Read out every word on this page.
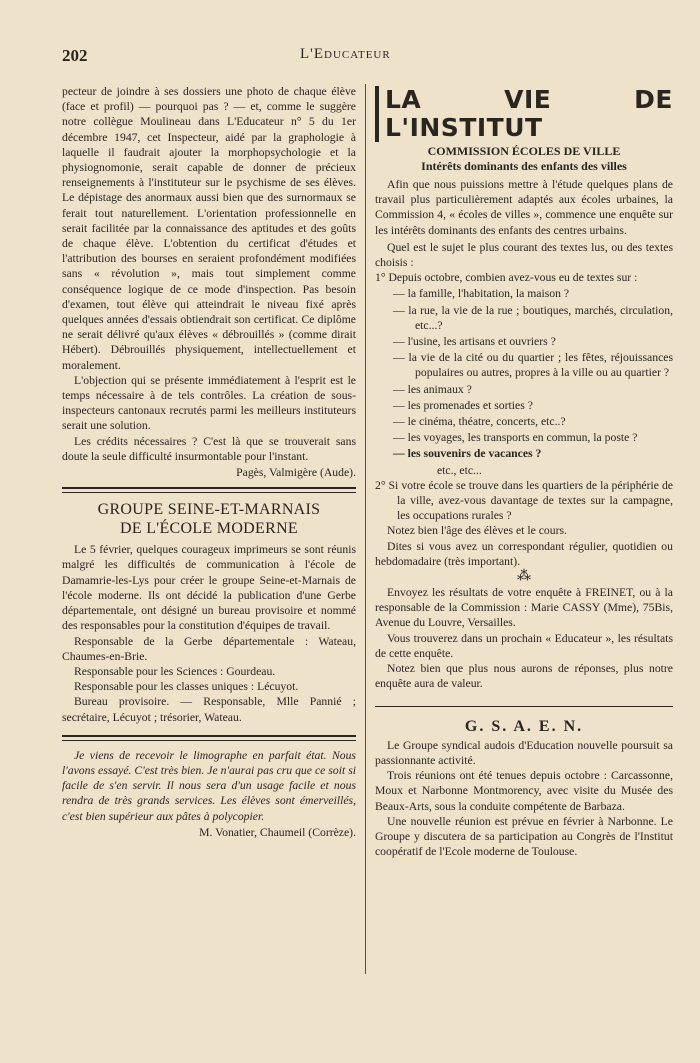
202	L'Educateur

pecteur de joindre à ses dossiers une photo de chaque élève (face et profil) — pourquoi pas ? — et, comme le suggère notre collègue Moulineau dans L'Educateur n° 5 du 1er décembre 1947, cet Inspecteur, aidé par la graphologie à laquelle il faudrait ajouter la morphopsychologie et la physiognomonie, serait capable de donner de précieux renseignements à l'instituteur sur le psychisme de ses élèves. Le dépistage des anormaux aussi bien que des surnormaux se ferait tout naturellement. L'orientation professionnelle en serait facilitée par la connaissance des aptitudes et des goûts de chaque élève. L'obtention du certificat d'études et l'attribution des bourses en seraient profondément modifiées sans « révolution », mais tout simplement comme conséquence logique de ce mode d'inspection. Pas besoin d'examen, tout élève qui atteindrait le niveau fixé après quelques années d'essais obtiendrait son certificat. Ce diplôme ne serait délivré qu'aux élèves « débrouillés » (comme dirait Hébert). Débrouillés physiquement, intellectuellement et moralement.

L'objection qui se présente immédiatement à l'esprit est le temps nécessaire à de tels contrôles. La création de sous-inspecteurs cantonaux recrutés parmi les meilleurs instituteurs serait une solution.

Les crédits nécessaires ? C'est là que se trouverait sans doute la seule difficulté insurmontable pour l'instant.

Pagès, Valmigère (Aude).
GROUPE SEINE-ET-MARNAIS
DE L'ÉCOLE MODERNE

Le 5 février, quelques courageux imprimeurs se sont réunis malgré les difficultés de communication à l'école de Damamrie-les-Lys pour créer le groupe Seine-et-Marnais de l'école moderne. Ils ont décidé la publication d'une Gerbe départementale, ont désigné un bureau provisoire et nommé des responsables pour la constitution d'équipes de travail.

Responsable de la Gerbe départementale : Wateau, Chaumes-en-Brie.

Responsable pour les Sciences : Gourdeau.

Responsable pour les classes uniques : Lécuyot.

Bureau provisoire. — Responsable, Mlle Pannié ; secrétaire, Lécuyot ; trésorier, Wateau.

Je viens de recevoir le limographe en parfait état. Nous l'avons essayé. C'est très bien. Je n'aurai pas cru que ce soit si facile de s'en servir. Il nous sera d'un usage facile et nous rendra de très grands services. Les élèves sont émerveillés, c'est bien supérieur aux pâtes à polycopier.

M. Vonatier, Chaumeil (Corrèze).
LA VIE DE L'INSTITUT
COMMISSION ÉCOLES DE VILLE
Intérêts dominants des enfants des villes

Afin que nous puissions mettre à l'étude quelques plans de travail plus particulièrement adaptés aux écoles urbaines, la Commission 4, « écoles de villes », commence une enquête sur les intérêts dominants des enfants des centres urbains.

Quel est le sujet le plus courant des textes lus, ou des textes choisis :

1° Depuis octobre, combien avez-vous eu de textes sur :

— la famille, l'habitation, la maison ?
— la rue, la vie de la rue ; boutiques, marchés, circulation, etc...?
— l'usine, les artisans et ouvriers ?
— la vie de la cité ou du quartier ; les fêtes, réjouissances populaires ou autres, propres à la ville ou au quartier ?
— les animaux ?
— les promenades et sorties ?
— le cinéma, théatre, concerts, etc..?
— les voyages, les transports en commun, la poste ?
— les souvenirs de vacances ?
etc., etc...

2° Si votre école se trouve dans les quartiers de la périphérie de la ville, avez-vous davantage de textes sur la campagne, les occupations rurales ?

Notez bien l'âge des élèves et le cours.

Dites si vous avez un correspondant régulier, quotidien ou hebdomadaire (très important).

⁂

Envoyez les résultats de votre enquête à FREINET, ou à la responsable de la Commission : Marie CASSY (Mme), 75Bis, Avenue du Louvre, Versailles.

Vous trouverez dans un prochain « Educateur », les résultats de cette enquête.

Notez bien que plus nous aurons de réponses, plus notre enquête aura de valeur.

G. S. A. E. N.

Le Groupe syndical audois d'Education nouvelle poursuit sa passionnante activité.

Trois réunions ont été tenues depuis octobre : Carcassonne, Moux et Narbonne Montmorency, avec visite du Musée des Beaux-Arts, sous la conduite compétente de Barbaza.

Une nouvelle réunion est prévue en février à Narbonne. Le Groupe y discutera de sa participation au Congrès de l'Institut coopératif de l'Ecole moderne de Toulouse.
